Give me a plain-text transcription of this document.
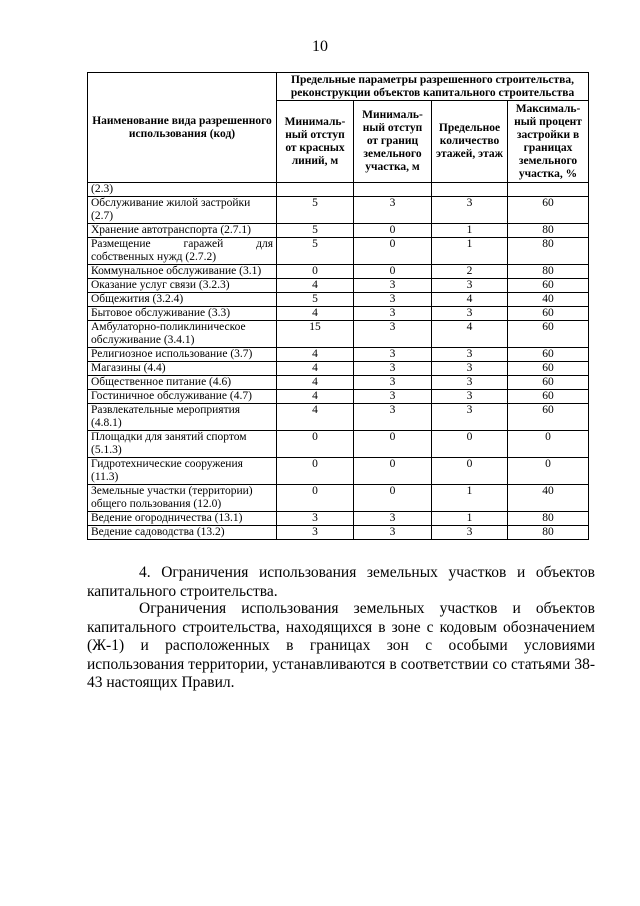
10
Наименование вида разрешенного использования (код)	Предельные параметры разрешенного строительства, реконструкции объектов капитального строительства			
	Минималь-ный отступ от красных линий, м	Минималь-ный отступ от границ земельного участка, м	Предельное количество этажей, этаж	Максималь-ный процент застройки в границах земельного участка, %
(2.3)				
Обслуживание жилой застройки (2.7)	5	3	3	60
Хранение автотранспорта (2.7.1)	5	0	1	80
Размещение гаражей для собственных нужд (2.7.2)	5	0	1	80
Коммунальное обслуживание (3.1)	0	0	2	80
Оказание услуг связи (3.2.3)	4	3	3	60
Общежития (3.2.4)	5	3	4	40
Бытовое обслуживание (3.3)	4	3	3	60
Амбулаторно-поликлиническое обслуживание (3.4.1)	15	3	4	60
Религиозное использование (3.7)	4	3	3	60
Магазины (4.4)	4	3	3	60
Общественное питание (4.6)	4	3	3	60
Гостиничное обслуживание (4.7)	4	3	3	60
Развлекательные мероприятия (4.8.1)	4	3	3	60
Площадки для занятий спортом (5.1.3)	0	0	0	0
Гидротехнические сооружения (11.3)	0	0	0	0
Земельные участки (территории) общего пользования (12.0)	0	0	1	40
Ведение огородничества (13.1)	3	3	1	80
Ведение садоводства (13.2)	3	3	3	80
4. Ограничения использования земельных участков и объектов капитального строительства.
Ограничения использования земельных участков и объектов капитального строительства, находящихся в зоне с кодовым обозначением (Ж-1) и расположенных в границах зон с особыми условиями использования территории, устанавливаются в соответствии со статьями 38-43 настоящих Правил.
